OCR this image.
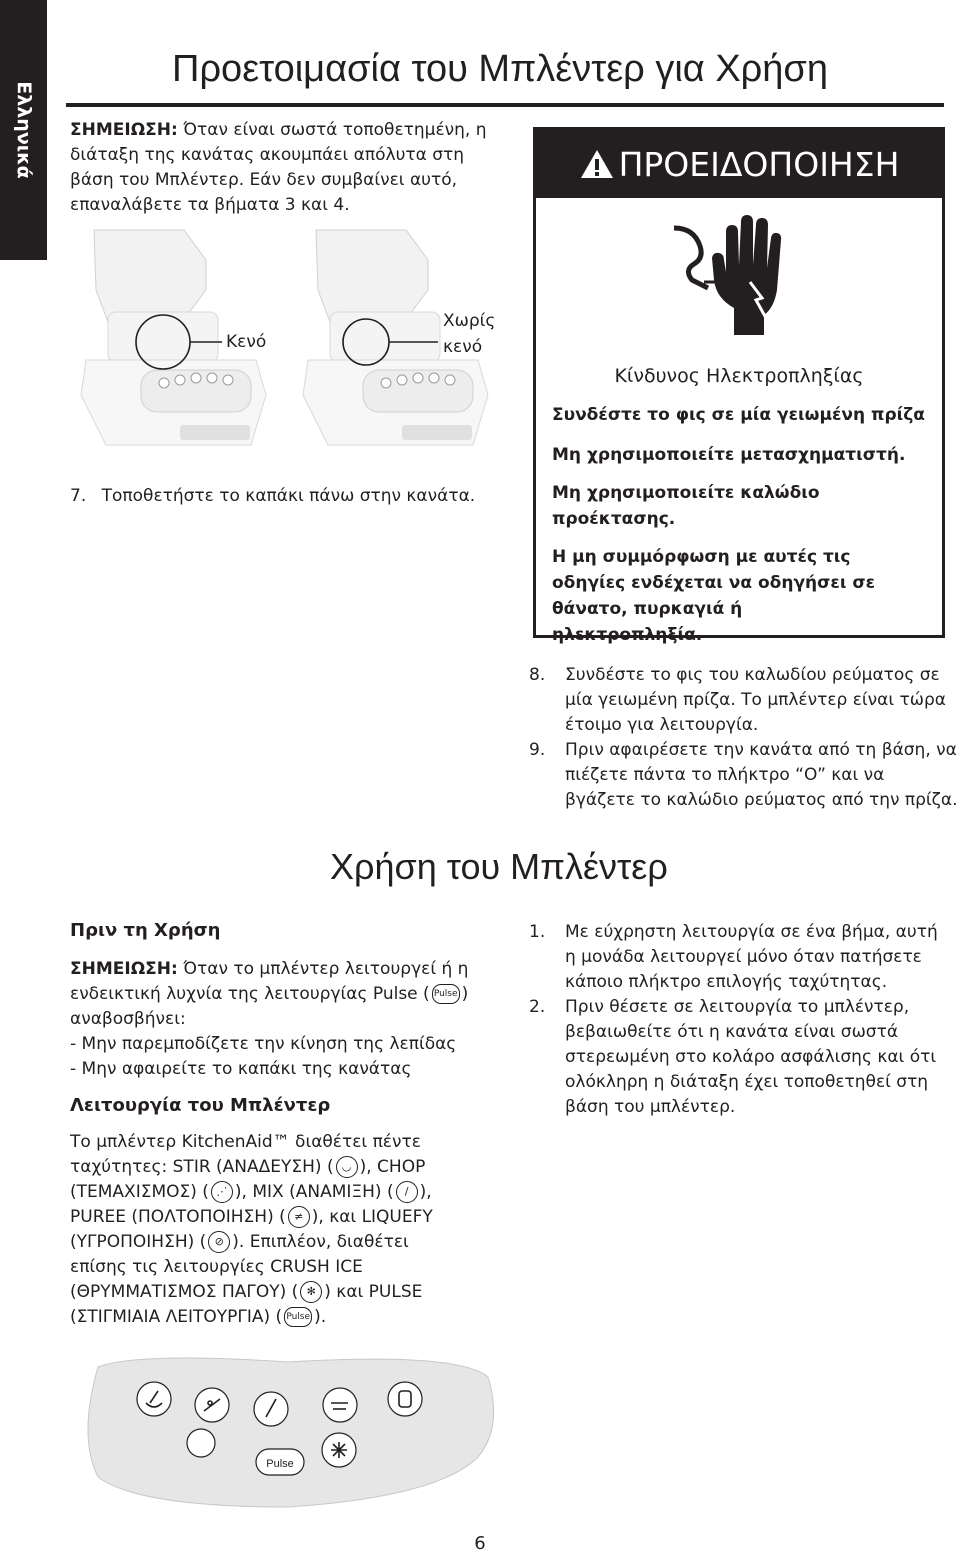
Ελληνικά
Προετοιμασία του Μπλέντερ για Χρήση
ΣΗΜΕΙΩΣΗ: Όταν είναι σωστά τοποθετημένη, η διάταξη της κανάτας ακουμπάει απόλυτα στη βάση του Μπλέντερ. Εάν δεν συμβαίνει αυτό, επαναλάβετε τα βήματα 3 και 4.
Κενό
Χωρίς
κενό
7. Τοποθετήστε το καπάκι πάνω στην κανάτα.
ΠΡΟΕΙΔΟΠΟΙΗΣΗ
Κίνδυνος Ηλεκτροπληξίας
Συνδέστε το φις σε μία γειωμένη πρίζα
Μη χρησιμοποιείτε μετασχηματιστή.
Μη χρησιμοποιείτε καλώδιο προέκτασης.
Η μη συμμόρφωση με αυτές τις οδηγίες ενδέχεται να οδηγήσει σε θάνατο, πυρκαγιά ή ηλεκτροπληξία.
8. Συνδέστε το φις του καλωδίου ρεύματος σε μία γειωμένη πρίζα. Το μπλέντερ είναι τώρα έτοιμο για λειτουργία.
9. Πριν αφαιρέσετε την κανάτα από τη βάση, να πιέζετε πάντα το πλήκτρο “O” και να βγάζετε το καλώδιο ρεύματος από την πρίζα.
Χρήση του Μπλέντερ
Πριν τη Χρήση
ΣΗΜΕΙΩΣΗ: Όταν το μπλέντερ λειτουργεί ή η ενδεικτική λυχνία της λειτουργίας Pulse ( Pulse ) αναβοσβήνει:
- Μην παρεμποδίζετε την κίνηση της λεπίδας
- Μην αφαιρείτε το καπάκι της κανάτας
Λειτουργία του Μπλέντερ
Το μπλέντερ KitchenAid™ διαθέτει πέντε ταχύτητες: STIR (ΑΝΑΔΕΥΣΗ) ( ◡ ), CHOP (ΤΕΜΑΧΙΣΜΟΣ) ( ⋰ ), MIX (ΑΝΑΜΙΞΗ) ( / ), PUREE (ΠΟΛΤΟΠΟΙΗΣΗ) ( ≠ ), και LIQUEFY (ΥΓΡΟΠΟΙΗΣΗ) ( ⊘ ). Επιπλέον, διαθέτει επίσης τις λειτουργίες CRUSH ICE (ΘΡΥΜΜΑΤΙΣΜΟΣ ΠΑΓΟΥ) ( ✻ ) και PULSE (ΣΤΙΓΜΙΑΙΑ ΛΕΙΤΟΥΡΓΙΑ) ( Pulse ).
1. Με εύχρηστη λειτουργία σε ένα βήμα, αυτή η μονάδα λειτουργεί μόνο όταν πατήσετε κάποιο πλήκτρο επιλογής ταχύτητας.
2. Πριν θέσετε σε λειτουργία το μπλέντερ, βεβαιωθείτε ότι η κανάτα είναι σωστά στερεωμένη στο κολάρο ασφάλισης και ότι ολόκληρη η διάταξη έχει τοποθετηθεί στη βάση του μπλέντερ.
Pulse
6
